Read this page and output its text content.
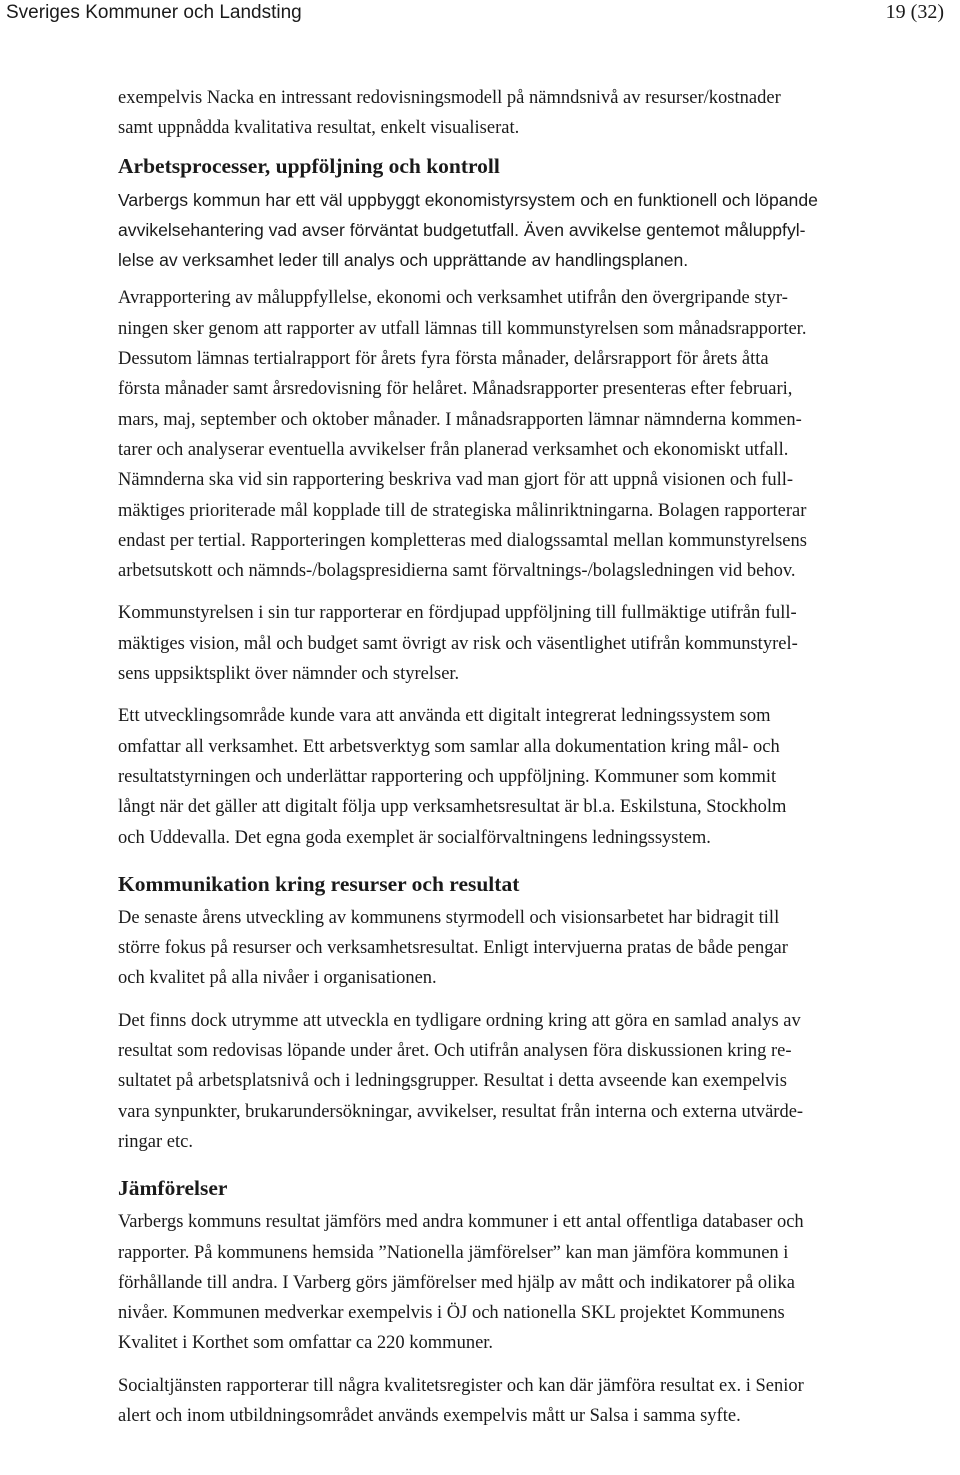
Sveriges Kommuner och Landsting	19 (32)
exempelvis Nacka en intressant redovisningsmodell på nämndsnivå av resurser/kostnader
samt uppnådda kvalitativa resultat, enkelt visualiserat.
Arbetsprocesser, uppföljning och kontroll
Varbergs kommun har ett väl uppbyggt ekonomistyrsystem och en funktionell och löpande
avvikelsehantering vad avser förväntat budgetutfall. Även avvikelse gentemot måluppfyl-
lelse av verksamhet leder till analys och upprättande av handlingsplanen.
Avrapportering av måluppfyllelse, ekonomi och verksamhet utifrån den övergripande styr-
ningen sker genom att rapporter av utfall lämnas till kommunstyrelsen som månadsrapporter.
Dessutom lämnas tertialrapport för årets fyra första månader, delårsrapport för årets åtta
första månader samt årsredovisning för helåret. Månadsrapporter presenteras efter februari,
mars, maj, september och oktober månader. I månadsrapporten lämnar nämnderna kommen-
tarer och analyserar eventuella avvikelser från planerad verksamhet och ekonomiskt utfall.
Nämnderna ska vid sin rapportering beskriva vad man gjort för att uppnå visionen och full-
mäktiges prioriterade mål kopplade till de strategiska målinriktningarna. Bolagen rapporterar
endast per tertial. Rapporteringen kompletteras med dialogssamtal mellan kommunstyrelsens
arbetsutskott och nämnds-/bolagspresidierna samt förvaltnings-/bolagsledningen vid behov.
Kommunstyrelsen i sin tur rapporterar en fördjupad uppföljning till fullmäktige utifrån full-
mäktiges vision, mål och budget samt övrigt av risk och väsentlighet utifrån kommunstyrel-
sens uppsiktsplikt över nämnder och styrelser.
Ett utvecklingsområde kunde vara att använda ett digitalt integrerat ledningssystem som
omfattar all verksamhet. Ett arbetsverktyg som samlar alla dokumentation kring mål- och
resultatstyrningen och underlättar rapportering och uppföljning. Kommuner som kommit
långt när det gäller att digitalt följa upp verksamhetsresultat är bl.a. Eskilstuna, Stockholm
och Uddevalla. Det egna goda exemplet är socialförvaltningens ledningssystem.
Kommunikation kring resurser och resultat
De senaste årens utveckling av kommunens styrmodell och visionsarbetet har bidragit till
större fokus på resurser och verksamhetsresultat. Enligt intervjuerna pratas de både pengar
och kvalitet på alla nivåer i organisationen.
Det finns dock utrymme att utveckla en tydligare ordning kring att göra en samlad analys av
resultat som redovisas löpande under året. Och utifrån analysen föra diskussionen kring re-
sultatet på arbetsplatsnivå och i ledningsgrupper. Resultat i detta avseende kan exempelvis
vara synpunkter, brukarundersökningar, avvikelser, resultat från interna och externa utvärde-
ringar etc.
Jämförelser
Varbergs kommuns resultat jämförs med andra kommuner i ett antal offentliga databaser och
rapporter. På kommunens hemsida ”Nationella jämförelser” kan man jämföra kommunen i
förhållande till andra. I Varberg görs jämförelser med hjälp av mått och indikatorer på olika
nivåer. Kommunen medverkar exempelvis i ÖJ och nationella SKL projektet Kommunens
Kvalitet i Korthet som omfattar ca 220 kommuner.
Socialtjänsten rapporterar till några kvalitetsregister och kan där jämföra resultat ex. i Senior
alert och inom utbildningsområdet används exempelvis mått ur Salsa i samma syfte.
